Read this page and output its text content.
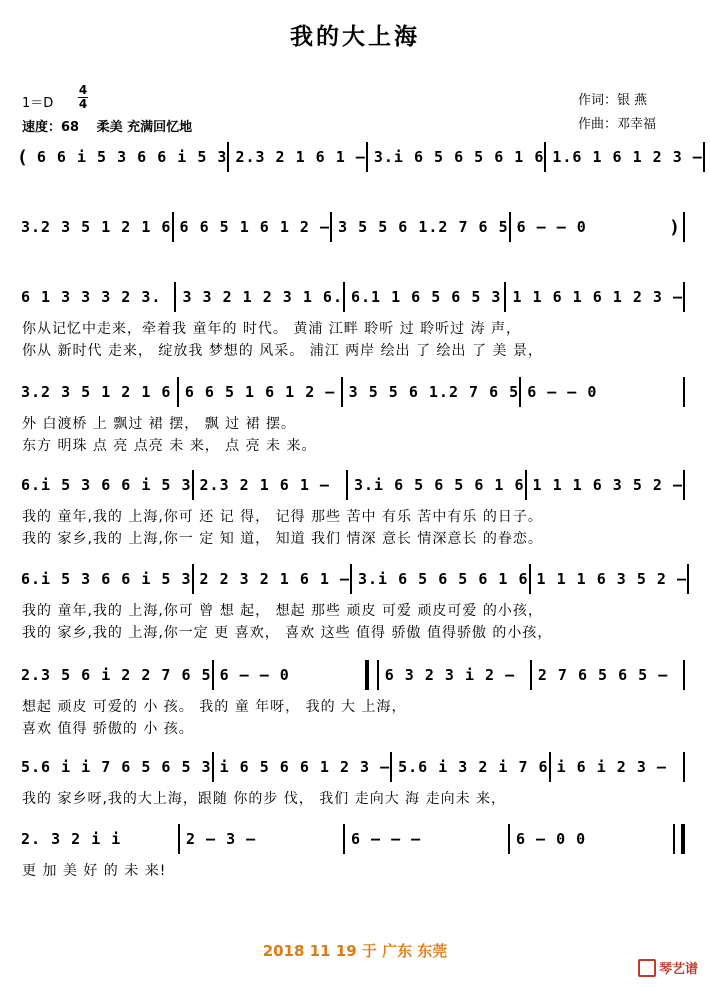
我的大上海
1＝D
4
4
速度：68　 柔美 充满回忆地
作词：银 燕
作曲：邓幸福
( 6 6 i 5 3 6 6 i 5 3 2.3 2 1 6 1 – 3.i 6 5 6 5 6 1 6 1.6 1 6 1 2 3 –
3.2 3 5 1 2 1 6 6 6 5 1 6 1 2 – 3 5 5 6 1.2 7 6 5 6 – – 0	)
6 1 3 3 3 2 3.	3 3 2 1 2 3 1 6. 6.1 1 6 5 6 5 3 1 1 6 1 6 1 2 3 –
你从记忆中走来，牵着我 童年的 时代。 黄浦 江畔 聆听 过 聆听过 涛 声，
你从 新时代 走来， 绽放我 梦想的 风采。 浦江 两岸 绘出 了 绘出 了 美 景，
3.2 3 5 1 2 1 6 6 6 5 1 6 1 2 – 3 5 5 6 1.2 7 6 5 6 – – 0
外 白渡桥 上 飘过 裙 摆， 飘 过 裙 摆。
东方 明珠 点 亮 点亮 未 来， 点 亮 未 来。
6.i 5 3 6 6 i 5 3 2.3 2 1 6 1 –	3.i 6 5 6 5 6 1 6 1 1 1 6 3 5 2 –
我的 童年,我的 上海,你可 还 记 得， 记得 那些 苦中 有乐 苦中有乐 的日子。
我的 家乡,我的 上海,你一 定 知 道， 知道 我们 情深 意长 情深意长 的眷恋。
6.i 5 3 6 6 i 5 3 2 2 3 2 1 6 1 – 3.i 6 5 6 5 6 1 6 1 1 1 6 3 5 2 –
我的 童年,我的 上海,你可 曾 想 起， 想起 那些 顽皮 可爱 顽皮可爱 的小孩，
我的 家乡,我的 上海,你一定 更 喜欢， 喜欢 这些 值得 骄傲 值得骄傲 的小孩，
2.3 5 6 i 2 2 7 6 5 6 – – 0	6 3 2 3 i 2 –	2 7 6 5 6 5 –
想起 顽皮 可爱的 小 孩。 我的 童 年呀， 我的 大 上海，
喜欢 值得 骄傲的 小 孩。
5.6 i i 7 6 5 6 5 3 i 6 5 6 6 1 2 3 – 5.6 i 3 2 i 7 6 i 6 i 2 3 –
我的 家乡呀,我的大上海，跟随 你的步 伐， 我们 走向大 海 走向未 来，
2. 3 2 i i	2 – 3 –	6 – – –	6 – 0 0
更 加 美 好 的 未 来!
2018 11 19 于 广东 东莞
琴艺谱
